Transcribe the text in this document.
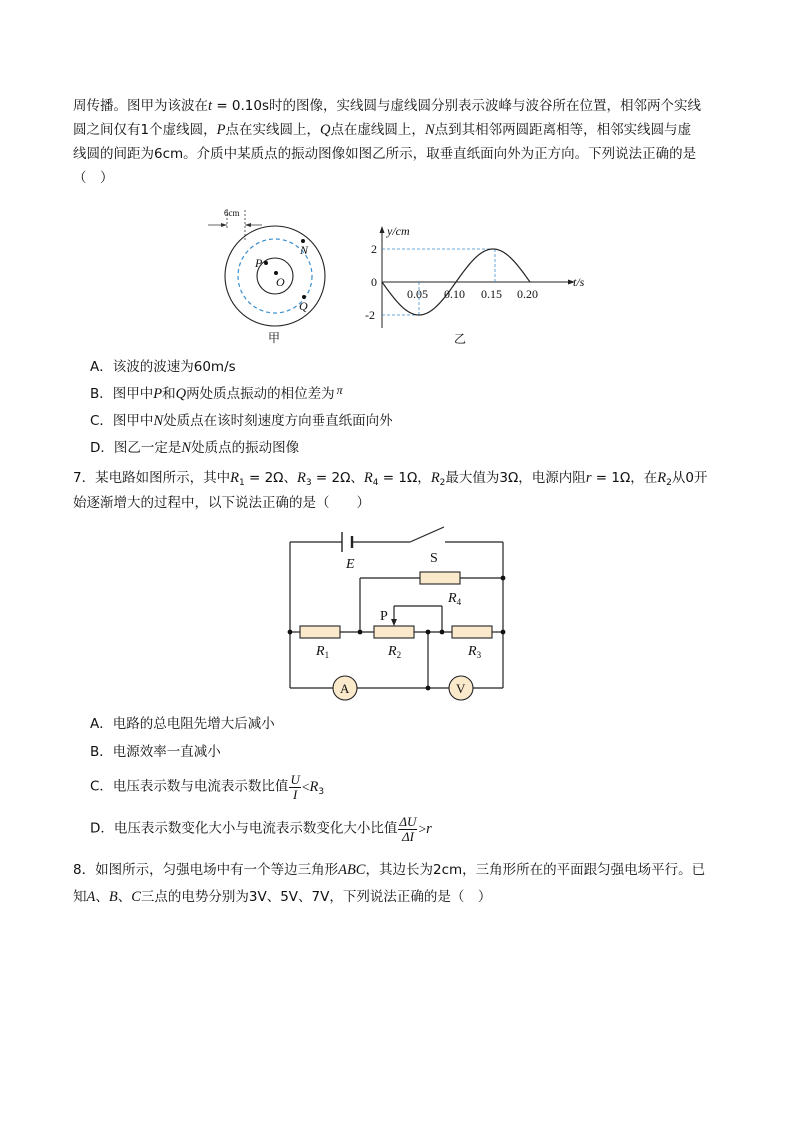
周传播。图甲为该波在t = 0.10s时的图像，实线圆与虚线圆分别表示波峰与波谷所在位置，相邻两个实线
圆之间仅有1个虚线圆，P点在实线圆上，Q点在虚线圆上，N点到其相邻两圆距离相等，相邻实线圆与虚
线圆的间距为6cm。介质中某质点的振动图像如图乙所示，取垂直纸面向外为正方向。下列说法正确的是
（　）
6cm
P
O
N
Q
甲
y/cm
t/s
0
2
-2
0.05 0.10 0.15 0.20
乙
A．该波的波速为60m/s
B．图甲中P和Q两处质点振动的相位差为 π
C．图甲中N处质点在该时刻速度方向垂直纸面向外
D．图乙一定是N处质点的振动图像
7．某电路如图所示，其中$R_1 = 2\Omega$、$R_3 = 2\Omega$、$R_4 = 1\Omega$，$R_2$最大值为3Ω，电源内阻r = 1Ω，在$R_2$从0开
始逐渐增大的过程中，以下说法正确的是（　　）
E	S
P
$R_4$
$R_1$	$R_2$	$R_3$
A	V
A．电路的总电阻先增大后减小
B．电源效率一直减小
C．电压表示数与电流表示数比值 $\frac{U}{I} <R_3$
D．电压表示数变化大小与电流表示数变化大小比值 $\frac{\Delta U}{\Delta I} >r$
8．如图所示，匀强电场中有一个等边三角形ABC，其边长为2cm，三角形所在的平面跟匀强电场平行。已
知A、B、C三点的电势分别为3V、5V、7V，下列说法正确的是（　）
